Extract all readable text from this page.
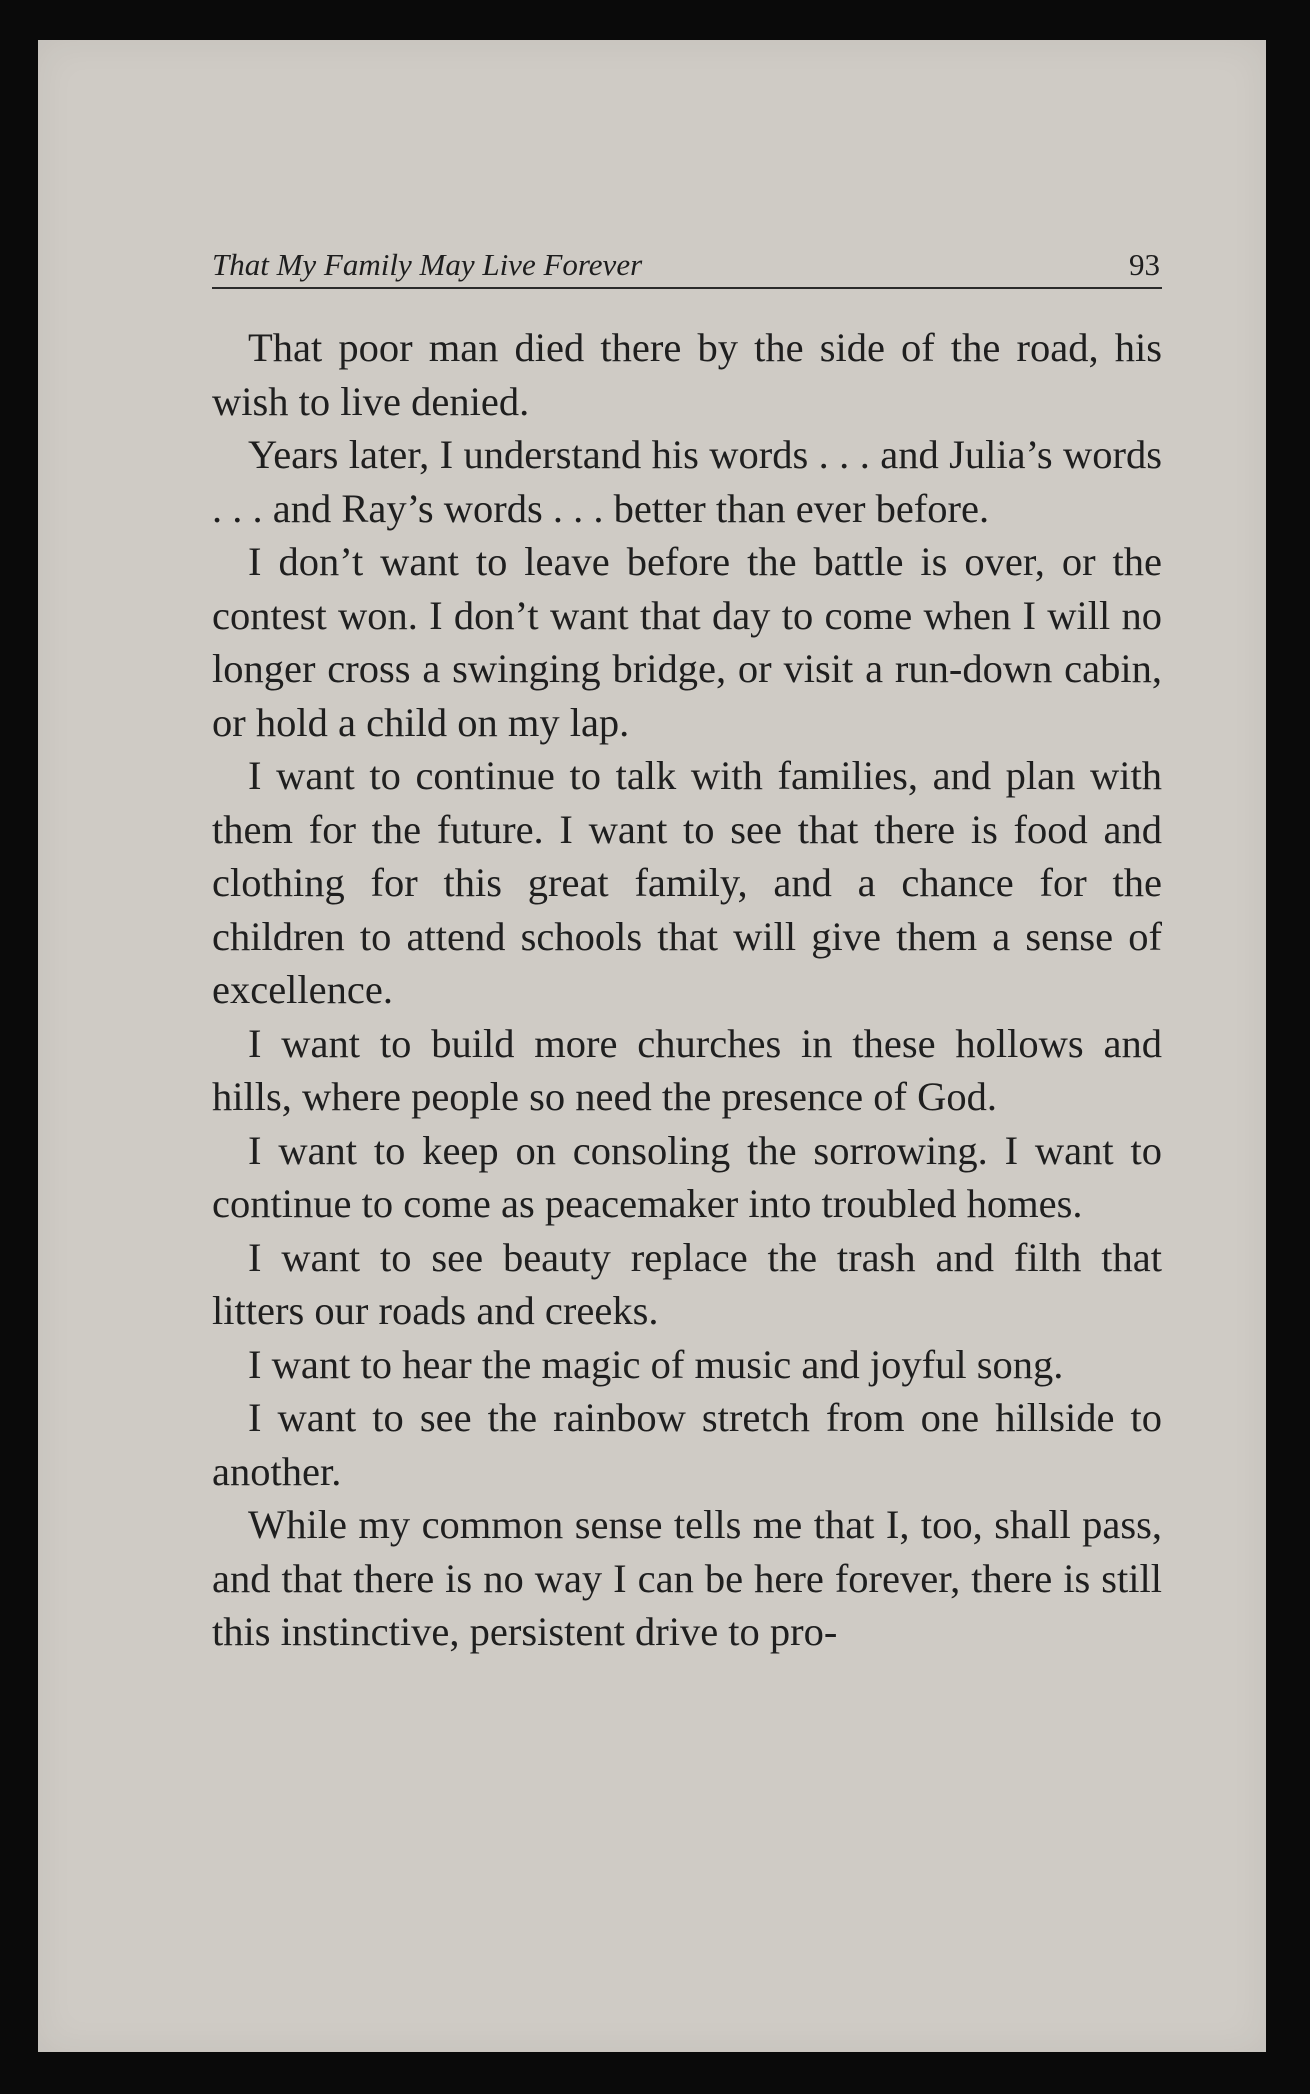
That My Family May Live Forever	93

That poor man died there by the side of the road, his wish to live denied.

Years later, I understand his words . . . and Julia’s words . . . and Ray’s words . . . better than ever before.

I don’t want to leave before the battle is over, or the contest won. I don’t want that day to come when I will no longer cross a swinging bridge, or visit a run-down cabin, or hold a child on my lap.

I want to continue to talk with families, and plan with them for the future. I want to see that there is food and clothing for this great family, and a chance for the children to attend schools that will give them a sense of excellence.

I want to build more churches in these hollows and hills, where people so need the presence of God.

I want to keep on consoling the sorrowing. I want to continue to come as peacemaker into troubled homes.

I want to see beauty replace the trash and filth that litters our roads and creeks.

I want to hear the magic of music and joyful song.

I want to see the rainbow stretch from one hillside to another.

While my common sense tells me that I, too, shall pass, and that there is no way I can be here forever, there is still this instinctive, persistent drive to pro-
